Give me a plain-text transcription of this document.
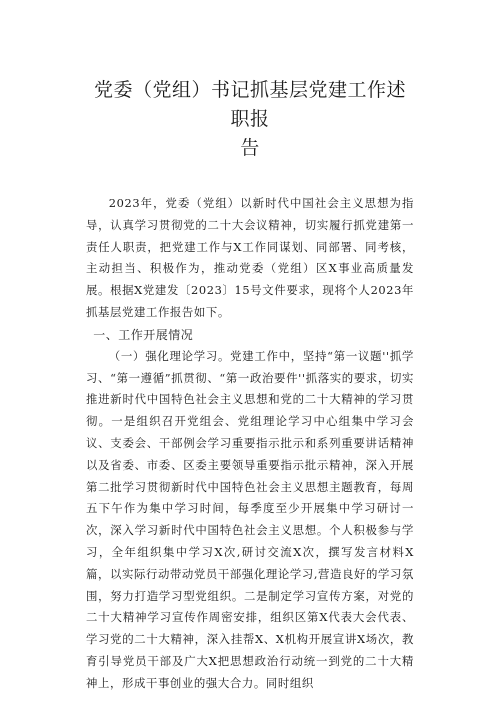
党委（党组）书记抓基层党建工作述职报
告

2023年，党委（党组）以新时代中国社会主义思想为指导，认真学习贯彻党的二十大会议精神，切实履行抓党建第一责任人职责，把党建工作与X工作同谋划、同部署、同考核，主动担当、积极作为，推动党委（党组）区X事业高质量发展。根据X党建发〔2023〕15号文件要求，现将个人2023年抓基层党建工作报告如下。

一、工作开展情况

（一）强化理论学习。党建工作中，坚持“第一议题''抓学习、“第一遵循”抓贯彻、“第一政治要件''抓落实的要求，切实推进新时代中国特色社会主义思想和党的二十大精神的学习贯彻。一是组织召开党组会、党组理论学习中心组集中学习会议、支委会、干部例会学习重要指示批示和系列重要讲话精神以及省委、市委、区委主要领导重要指示批示精神，深入开展第二批学习贯彻新时代中国特色社会主义思想主题教育，每周五下午作为集中学习时间，每季度至少开展集中学习研讨一次，深入学习新时代中国特色社会主义思想。个人积极参与学习，全年组织集中学习X次,研讨交流X次，撰写发言材料X篇，以实际行动带动党员干部强化理论学习,营造良好的学习氛围，努力打造学习型党组织。二是制定学习宣传方案，对党的二十大精神学习宣传作周密安排，组织区第X代表大会代表、学习党的二十大精神，深入挂帮X、X机构开展宣讲X场次，教育引导党员干部及广大X把思想政治行动统一到党的二十大精神上，形成干事创业的强大合力。同时组织
